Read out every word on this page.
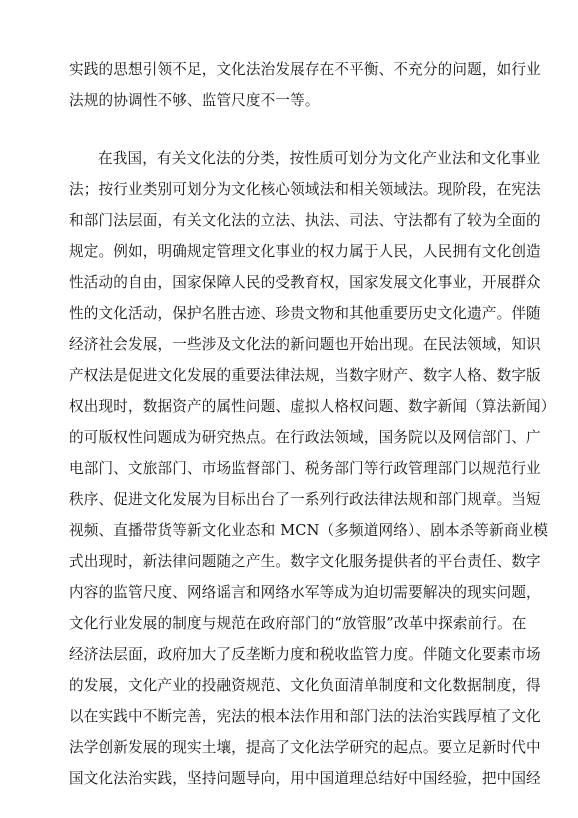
实践的思想引领不足，文化法治发展存在不平衡、不充分的问题，如行业
法规的协调性不够、监管尺度不一等。
在我国，有关文化法的分类，按性质可划分为文化产业法和文化事业
法；按行业类别可划分为文化核心领域法和相关领域法。现阶段，在宪法
和部门法层面，有关文化法的立法、执法、司法、守法都有了较为全面的
规定。例如，明确规定管理文化事业的权力属于人民，人民拥有文化创造
性活动的自由，国家保障人民的受教育权，国家发展文化事业，开展群众
性的文化活动，保护名胜古迹、珍贵文物和其他重要历史文化遗产。伴随
经济社会发展，一些涉及文化法的新问题也开始出现。在民法领域，知识
产权法是促进文化发展的重要法律法规，当数字财产、数字人格、数字版
权出现时，数据资产的属性问题、虚拟人格权问题、数字新闻（算法新闻）
的可版权性问题成为研究热点。在行政法领域，国务院以及网信部门、广
电部门、文旅部门、市场监督部门、税务部门等行政管理部门以规范行业
秩序、促进文化发展为目标出台了一系列行政法律法规和部门规章。当短
视频、直播带货等新文化业态和 MCN（多频道网络）、剧本杀等新商业模
式出现时，新法律问题随之产生。数字文化服务提供者的平台责任、数字
内容的监管尺度、网络谣言和网络水军等成为迫切需要解决的现实问题，
文化行业发展的制度与规范在政府部门的“放管服”改革中探索前行。在
经济法层面，政府加大了反垄断力度和税收监管力度。伴随文化要素市场
的发展，文化产业的投融资规范、文化负面清单制度和文化数据制度，得
以在实践中不断完善，宪法的根本法作用和部门法的法治实践厚植了文化
法学创新发展的现实土壤，提高了文化法学研究的起点。要立足新时代中
国文化法治实践，坚持问题导向，用中国道理总结好中国经验，把中国经
